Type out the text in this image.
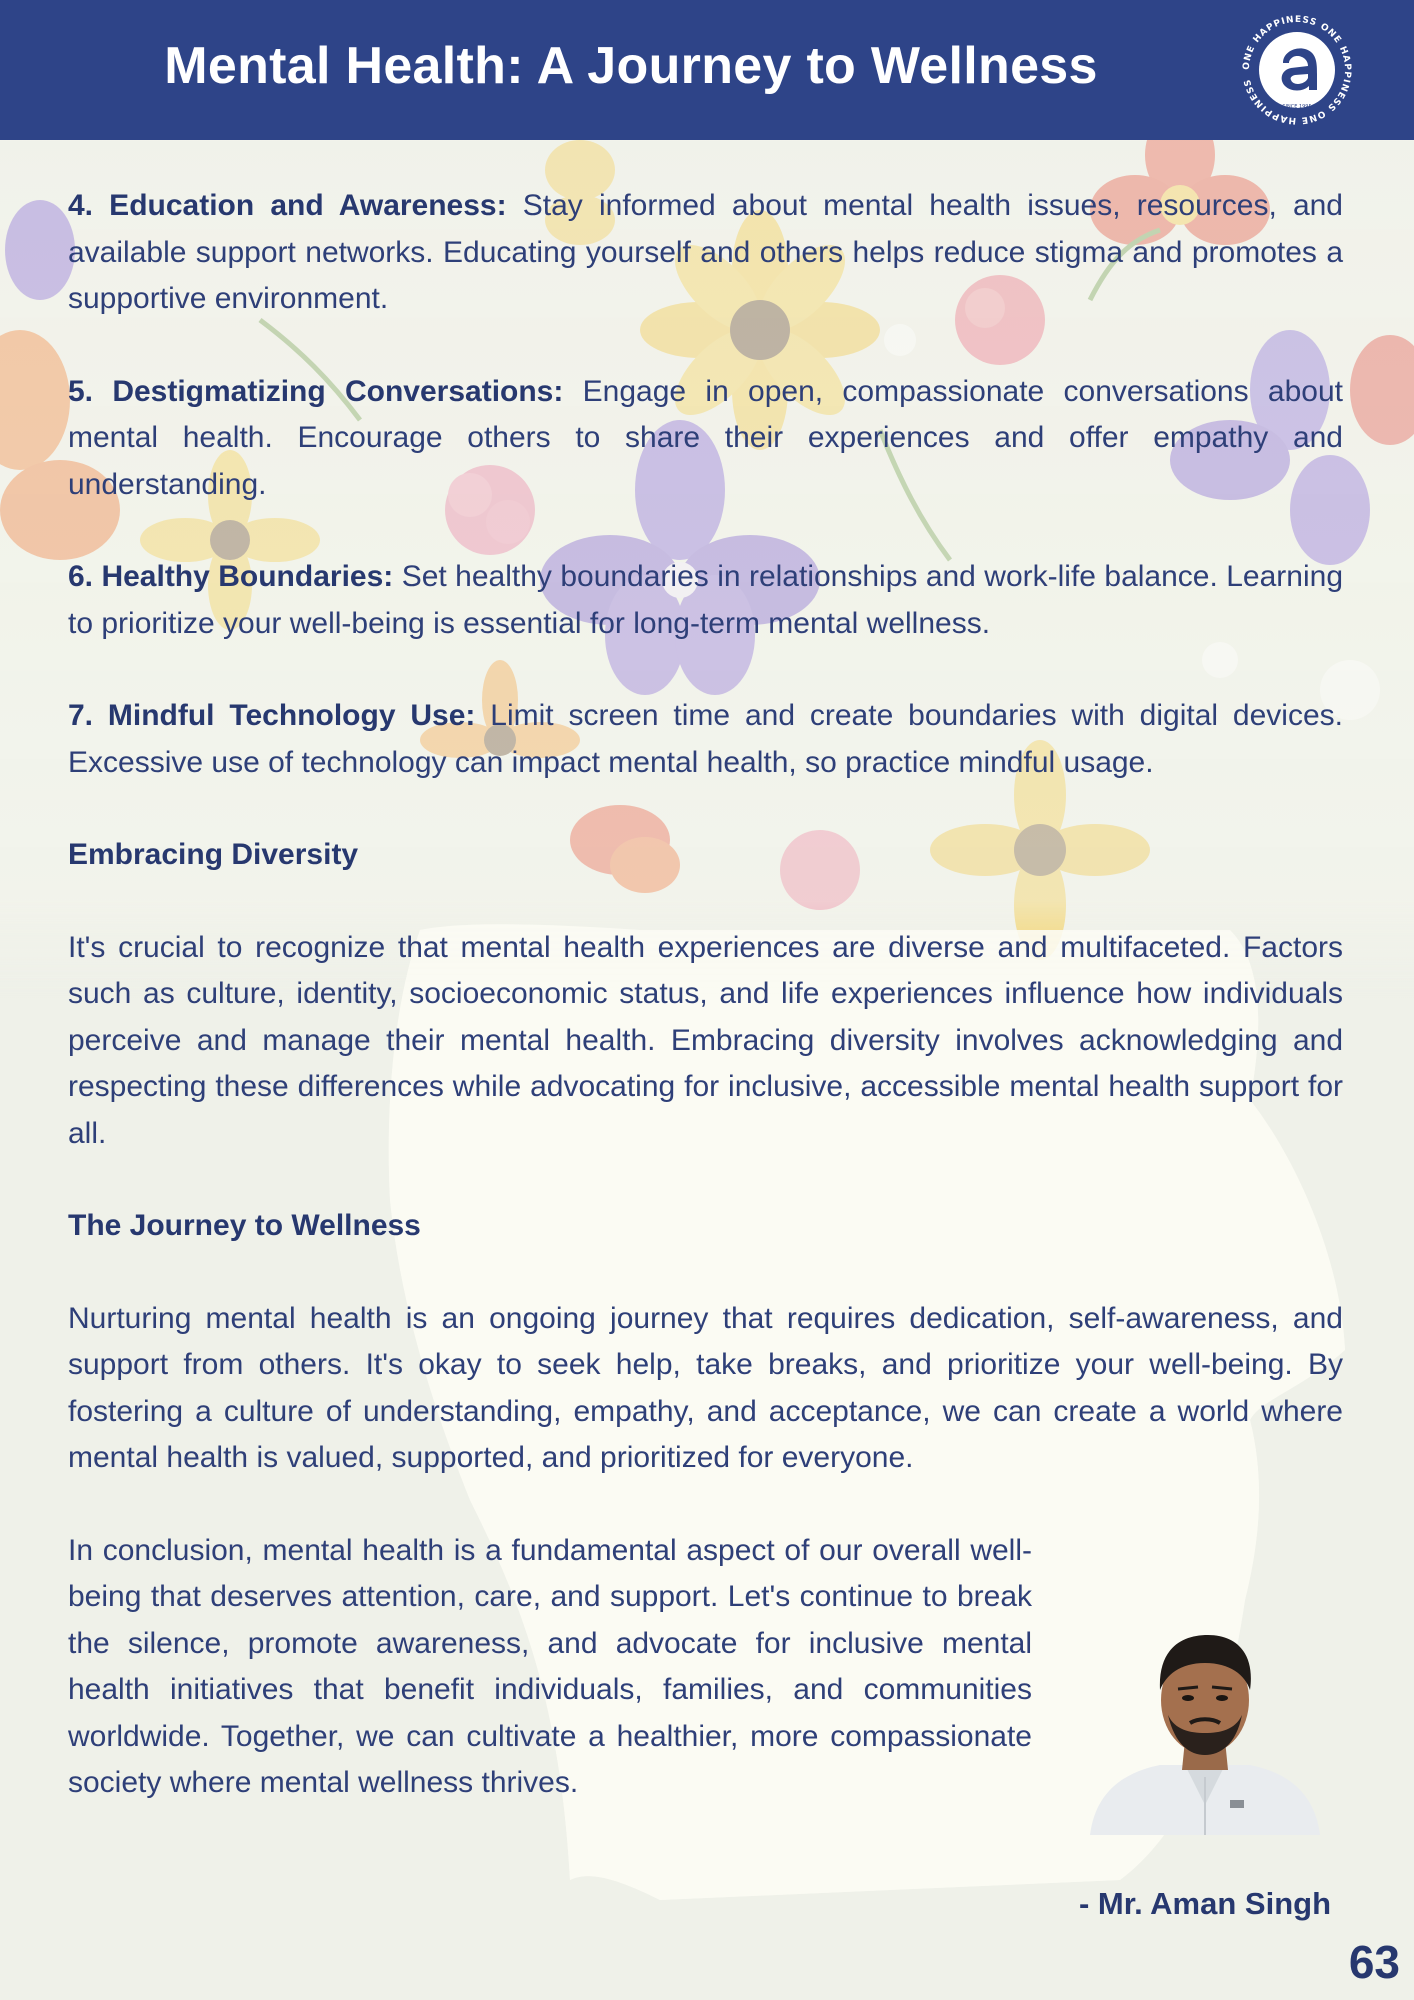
Mental Health: A Journey to Wellness	ONE HAPPINESS ONE HAPPINESS ONE HAPPINESS
SINCE 1995

4. Education and Awareness: Stay informed about mental health issues, resources, and available support networks. Educating yourself and others helps reduce stigma and promotes a supportive environment.

5. Destigmatizing Conversations: Engage in open, compassionate conversations about mental health. Encourage others to share their experiences and offer empathy and understanding.

6. Healthy Boundaries: Set healthy boundaries in relationships and work-life balance. Learning to prioritize your well-being is essential for long-term mental wellness.

7. Mindful Technology Use: Limit screen time and create boundaries with digital devices. Excessive use of technology can impact mental health, so practice mindful usage.

Embracing Diversity

It's crucial to recognize that mental health experiences are diverse and multifaceted. Factors such as culture, identity, socioeconomic status, and life experiences influence how individuals perceive and manage their mental health. Embracing diversity involves acknowledging and respecting these differences while advocating for inclusive, accessible mental health support for all.

The Journey to Wellness

Nurturing mental health is an ongoing journey that requires dedication, self-awareness, and support from others. It's okay to seek help, take breaks, and prioritize your well-being. By fostering a culture of understanding, empathy, and acceptance, we can create a world where mental health is valued, supported, and prioritized for everyone.

In conclusion, mental health is a fundamental aspect of our overall well-being that deserves attention, care, and support. Let's continue to break the silence, promote awareness, and advocate for inclusive mental health initiatives that benefit individuals, families, and communities worldwide. Together, we can cultivate a healthier, more compassionate society where mental wellness thrives.

- Mr. Aman Singh
63
